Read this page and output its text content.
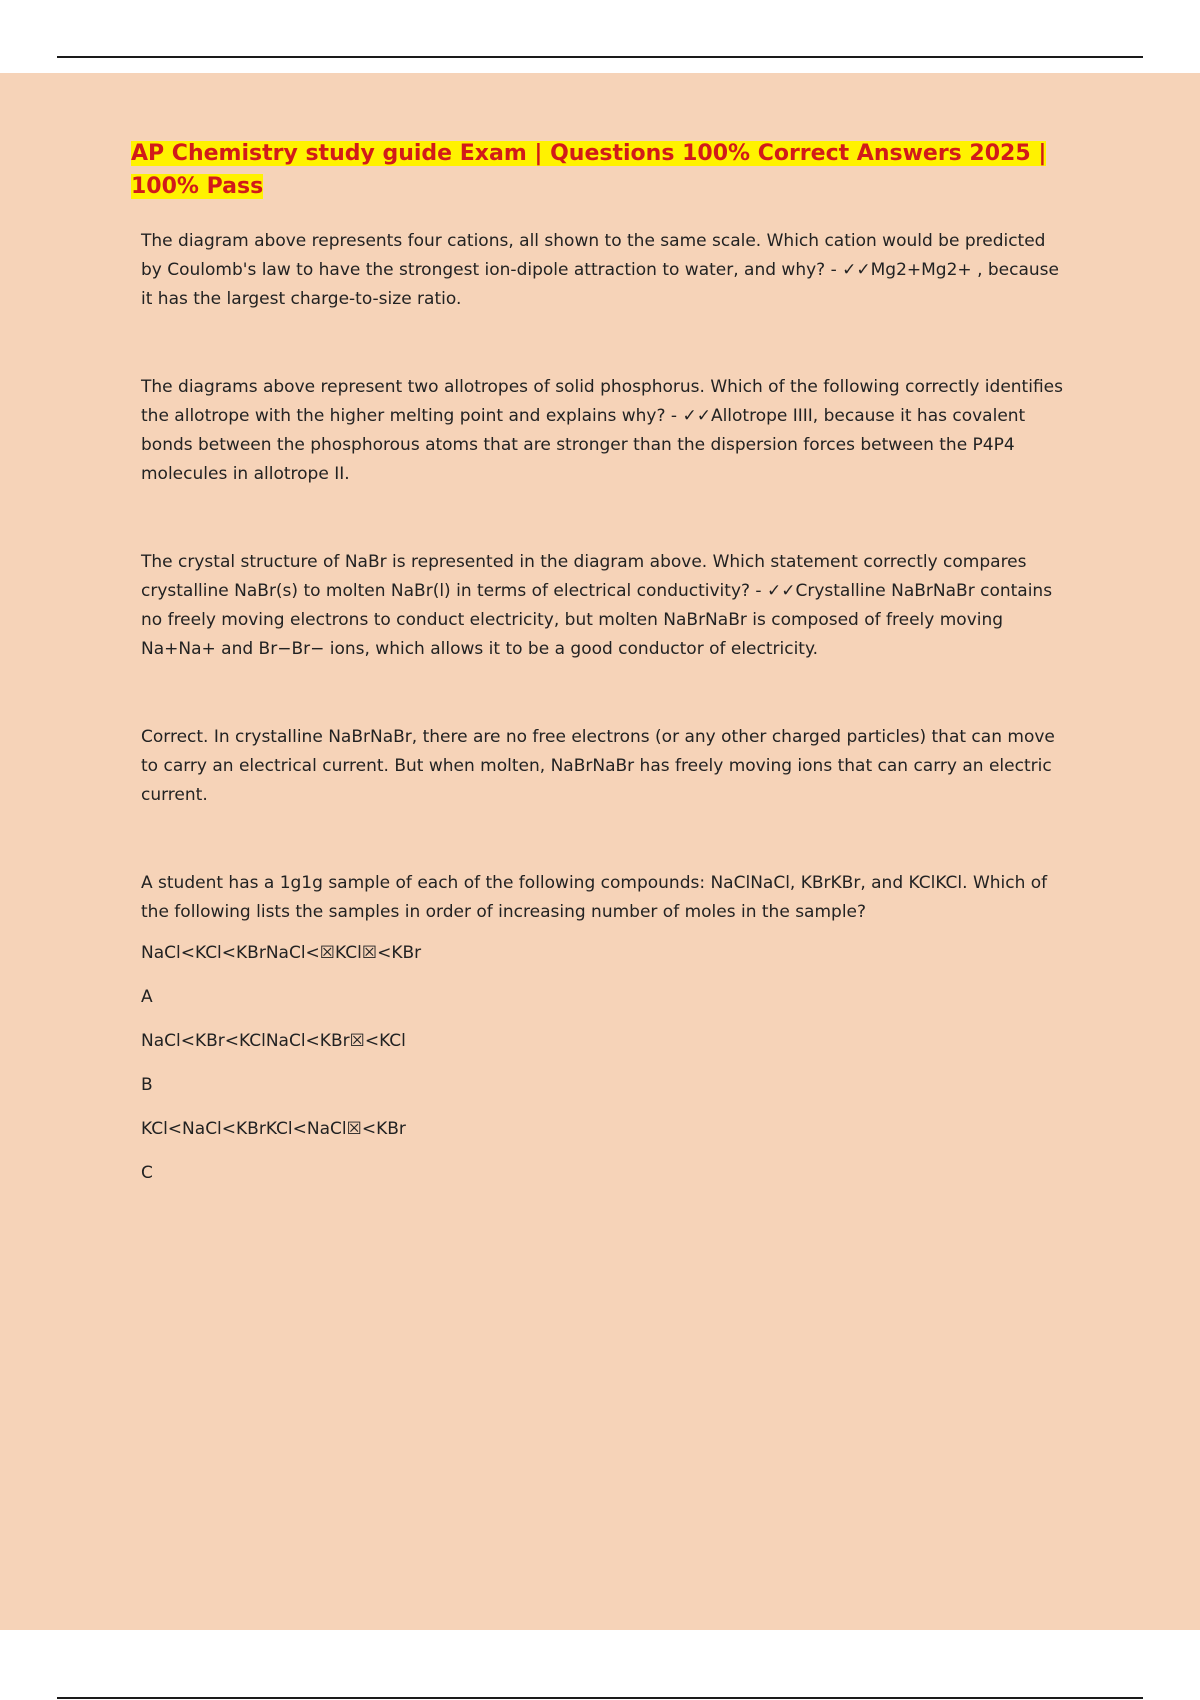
AP Chemistry study guide Exam | Questions 100% Correct Answers 2025 | 100% Pass

The diagram above represents four cations, all shown to the same scale. Which cation would be predicted by Coulomb's law to have the strongest ion-dipole attraction to water, and why? - ✓✓Mg2+Mg2+ , because it has the largest charge-to-size ratio.

The diagrams above represent two allotropes of solid phosphorus. Which of the following correctly identifies the allotrope with the higher melting point and explains why? - ✓✓Allotrope IIII, because it has covalent bonds between the phosphorous atoms that are stronger than the dispersion forces between the P4P4 molecules in allotrope II.

The crystal structure of NaBr is represented in the diagram above. Which statement correctly compares crystalline NaBr(s) to molten NaBr(l) in terms of electrical conductivity? - ✓✓Crystalline NaBrNaBr contains no freely moving electrons to conduct electricity, but molten NaBrNaBr is composed of freely moving Na+Na+ and Br−Br− ions, which allows it to be a good conductor of electricity.

Correct. In crystalline NaBrNaBr, there are no free electrons (or any other charged particles) that can move to carry an electrical current. But when molten, NaBrNaBr has freely moving ions that can carry an electric current.

A student has a 1g1g sample of each of the following compounds: NaClNaCl, KBrKBr, and KClKCl. Which of the following lists the samples in order of increasing number of moles in the sample?

NaCl<KCl<KBrNaCl<☒KCl☒<KBr

A

NaCl<KBr<KClNaCl<KBr☒<KCl

B

KCl<NaCl<KBrKCl<NaCl☒<KBr

C
